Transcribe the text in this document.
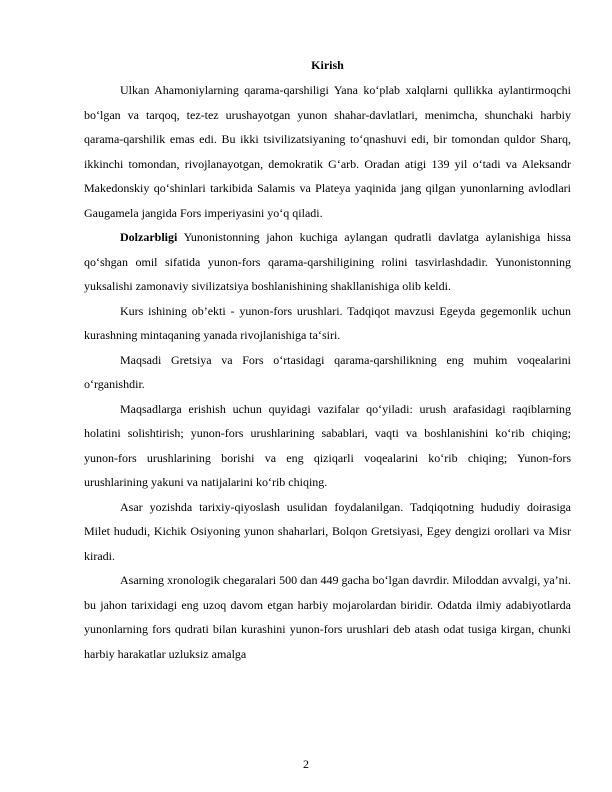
Kirish

Ulkan Ahamoniylarning qarama-qarshiligi Yana ko‘plab xalqlarni qullikka aylantirmoqchi bo‘lgan va tarqoq, tez-tez urushayotgan yunon shahar-davlatlari, menimcha, shunchaki harbiy qarama-qarshilik emas edi. Bu ikki tsivilizatsiyaning to‘qnashuvi edi, bir tomondan quldor Sharq, ikkinchi tomondan, rivojlanayotgan, demokratik G‘arb. Oradan atigi 139 yil o‘tadi va Aleksandr Makedonskiy qo‘shinlari tarkibida Salamis va Plateya yaqinida jang qilgan yunonlarning avlodlari Gaugamela jangida Fors imperiyasini yo‘q qiladi.

Dolzarbligi Yunonistonning jahon kuchiga aylangan qudratli davlatga aylanishiga hissa qo‘shgan omil sifatida yunon-fors qarama-qarshiligining rolini tasvirlashdadir. Yunonistonning yuksalishi zamonaviy sivilizatsiya boshlanishining shakllanishiga olib keldi.

Kurs ishining ob’ekti - yunon-fors urushlari. Tadqiqot mavzusi Egeyda gegemonlik uchun kurashning mintaqaning yanada rivojlanishiga ta‘siri.

Maqsadi Gretsiya va Fors o‘rtasidagi qarama-qarshilikning eng muhim voqealarini o‘rganishdir.

Maqsadlarga erishish uchun quyidagi vazifalar qo‘yiladi: urush arafasidagi raqiblarning holatini solishtirish; yunon-fors urushlarining sabablari, vaqti va boshlanishini ko‘rib chiqing; yunon-fors urushlarining borishi va eng qiziqarli voqealarini ko‘rib chiqing; Yunon-fors urushlarining yakuni va natijalarini ko‘rib chiqing.

Asar yozishda tarixiy-qiyoslash usulidan foydalanilgan. Tadqiqotning hududiy doirasiga Milet hududi, Kichik Osiyoning yunon shaharlari, Bolqon Gretsiyasi, Egey dengizi orollari va Misr kiradi.

Asarning xronologik chegaralari 500 dan 449 gacha bo‘lgan davrdir. Miloddan avvalgi, ya’ni. bu jahon tarixidagi eng uzoq davom etgan harbiy mojarolardan biridir. Odatda ilmiy adabiyotlarda yunonlarning fors qudrati bilan kurashini yunon-fors urushlari deb atash odat tusiga kirgan, chunki harbiy harakatlar uzluksiz amalga

2
